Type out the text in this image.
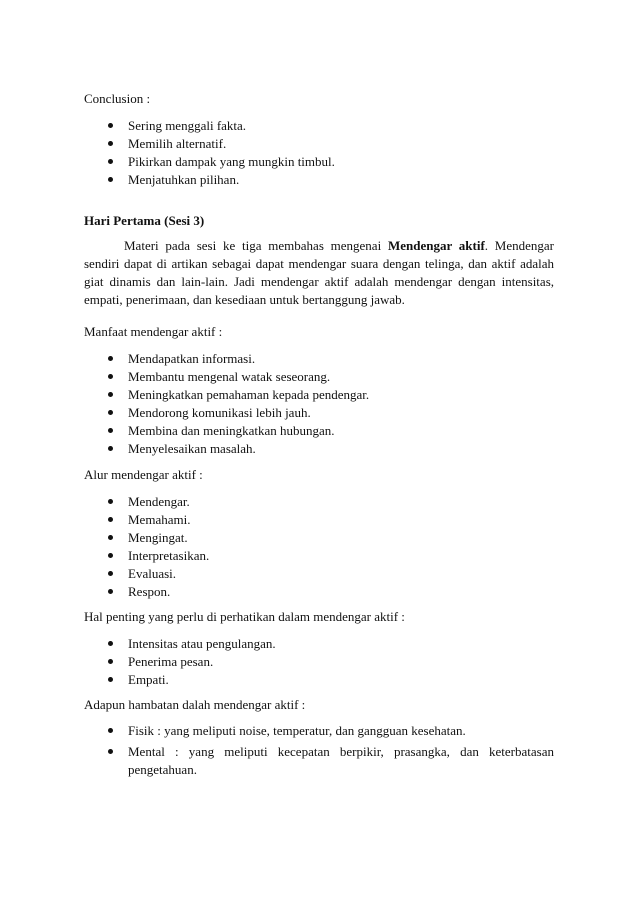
Conclusion :
Sering menggali fakta.
Memilih alternatif.
Pikirkan dampak yang mungkin timbul.
Menjatuhkan pilihan.
Hari Pertama (Sesi 3)
Materi pada sesi ke tiga membahas mengenai Mendengar aktif. Mendengar sendiri dapat di artikan sebagai dapat mendengar suara dengan telinga, dan aktif adalah giat dinamis dan lain-lain. Jadi mendengar aktif adalah mendengar dengan intensitas, empati, penerimaan, dan kesediaan untuk bertanggung jawab.
Manfaat mendengar aktif :
Mendapatkan informasi.
Membantu mengenal watak seseorang.
Meningkatkan pemahaman kepada pendengar.
Mendorong komunikasi lebih jauh.
Membina dan meningkatkan hubungan.
Menyelesaikan masalah.
Alur mendengar aktif :
Mendengar.
Memahami.
Mengingat.
Interpretasikan.
Evaluasi.
Respon.
Hal penting yang perlu di perhatikan dalam mendengar aktif :
Intensitas atau pengulangan.
Penerima pesan.
Empati.
Adapun hambatan dalah mendengar aktif :
Fisik : yang meliputi noise, temperatur, dan gangguan kesehatan.
Mental : yang meliputi kecepatan berpikir, prasangka, dan keterbatasan pengetahuan.
